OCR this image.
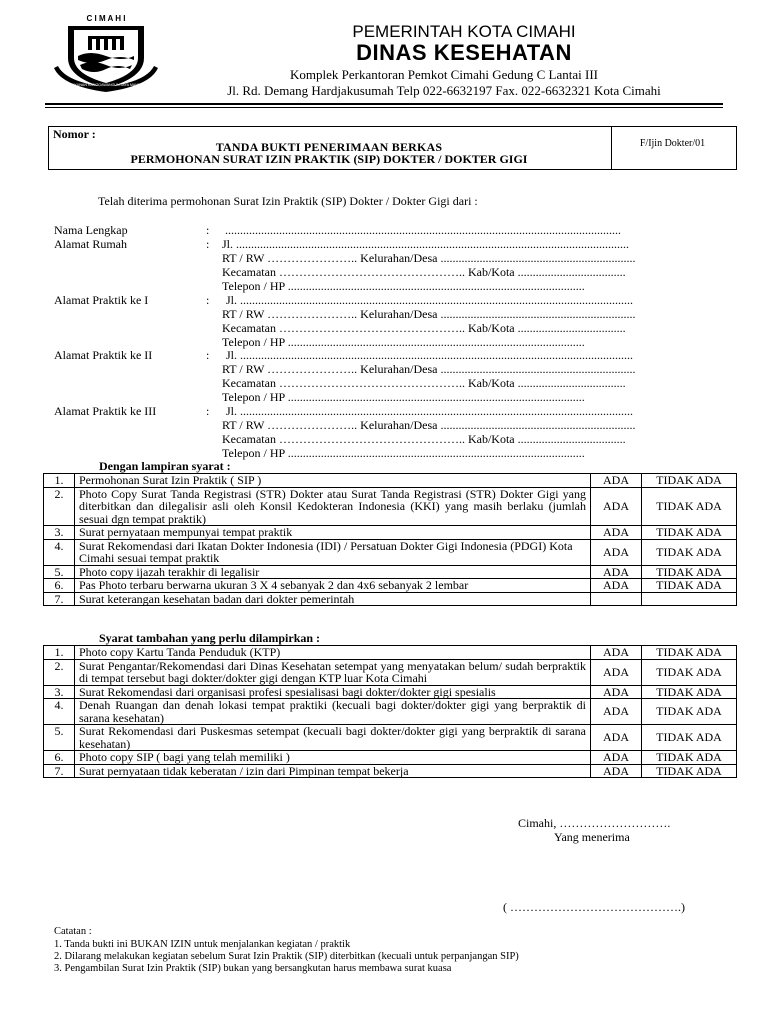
C I M A H I
SAUYUNAN RANGGAWANGUN JAYA MANDIRI
PEMERINTAH KOTA CIMAHI
DINAS KESEHATAN
Komplek Perkantoran Pemkot Cimahi Gedung C Lantai III
Jl. Rd. Demang Hardjakusumah Telp 022-6632197 Fax. 022-6632321 Kota Cimahi
Nomor :
TANDA BUKTI PENERIMAAN BERKAS
PERMOHONAN SURAT IZIN PRAKTIK (SIP) DOKTER / DOKTER GIGI
F/Ijin Dokter/01
Telah diterima permohonan Surat Izin Praktik (SIP) Dokter / Dokter Gigi dari :
Nama Lengkap	: ....................................................................................................................................
Alamat Rumah	: Jl. ...................................................................................................................................
RT / RW ………………….. Kelurahan/Desa .................................................................
Kecamatan ……………………………………….. Kab/Kota ....................................
Telepon / HP ...................................................................................................
Alamat Praktik ke I	: Jl. ...................................................................................................................................
RT / RW ………………….. Kelurahan/Desa .................................................................
Kecamatan ……………………………………….. Kab/Kota ....................................
Telepon / HP ...................................................................................................
Alamat Praktik ke II	: Jl. ...................................................................................................................................
RT / RW ………………….. Kelurahan/Desa .................................................................
Kecamatan ……………………………………….. Kab/Kota ....................................
Telepon / HP ...................................................................................................
Alamat Praktik ke III	: Jl. ...................................................................................................................................
RT / RW ………………….. Kelurahan/Desa .................................................................
Kecamatan ……………………………………….. Kab/Kota ....................................
Telepon / HP ...................................................................................................
Dengan lampiran syarat :
1.	Permohonan Surat Izin Praktik ( SIP )	ADA	TIDAK ADA
2.	Photo Copy Surat Tanda Registrasi (STR) Dokter atau Surat Tanda Registrasi (STR) Dokter Gigi yang diterbitkan dan dilegalisir asli oleh Konsil Kedokteran Indonesia (KKI) yang masih berlaku (jumlah sesuai dgn tempat praktik)	ADA	TIDAK ADA
3.	Surat pernyataan mempunyai tempat praktik	ADA	TIDAK ADA
4.	Surat Rekomendasi dari Ikatan Dokter Indonesia (IDI) / Persatuan Dokter Gigi Indonesia (PDGI) Kota Cimahi sesuai tempat praktik	ADA	TIDAK ADA
5.	Photo copy ijazah terakhir di legalisir	ADA	TIDAK ADA
6.	Pas Photo terbaru berwarna ukuran 3 X 4 sebanyak 2 dan 4x6 sebanyak 2 lembar	ADA	TIDAK ADA
7.	Surat keterangan kesehatan badan dari dokter pemerintah		
Syarat tambahan yang perlu dilampirkan :
1.	Photo copy Kartu Tanda Penduduk (KTP)	ADA	TIDAK ADA
2.	Surat Pengantar/Rekomendasi dari Dinas Kesehatan setempat yang menyatakan belum/ sudah berpraktik di tempat tersebut bagi dokter/dokter gigi dengan KTP luar Kota Cimahi	ADA	TIDAK ADA
3.	Surat Rekomendasi dari organisasi profesi spesialisasi bagi dokter/dokter gigi spesialis	ADA	TIDAK ADA
4.	Denah Ruangan dan denah lokasi tempat praktiki (kecuali bagi dokter/dokter gigi yang berpraktik di sarana kesehatan)	ADA	TIDAK ADA
5.	Surat Rekomendasi dari Puskesmas setempat (kecuali bagi dokter/dokter gigi yang berpraktik di sarana kesehatan)	ADA	TIDAK ADA
6.	Photo copy SIP ( bagi yang telah memiliki )	ADA	TIDAK ADA
7.	Surat pernyataan tidak keberatan / izin dari Pimpinan tempat bekerja	ADA	TIDAK ADA
Cimahi, ……………………….
Yang menerima
( …………………………………….)
Catatan :
1. Tanda bukti ini BUKAN IZIN untuk menjalankan kegiatan / praktik
2. Dilarang melakukan kegiatan sebelum Surat Izin Praktik (SIP) diterbitkan (kecuali untuk perpanjangan SIP)
3. Pengambilan Surat Izin Praktik (SIP) bukan yang bersangkutan harus membawa surat kuasa
